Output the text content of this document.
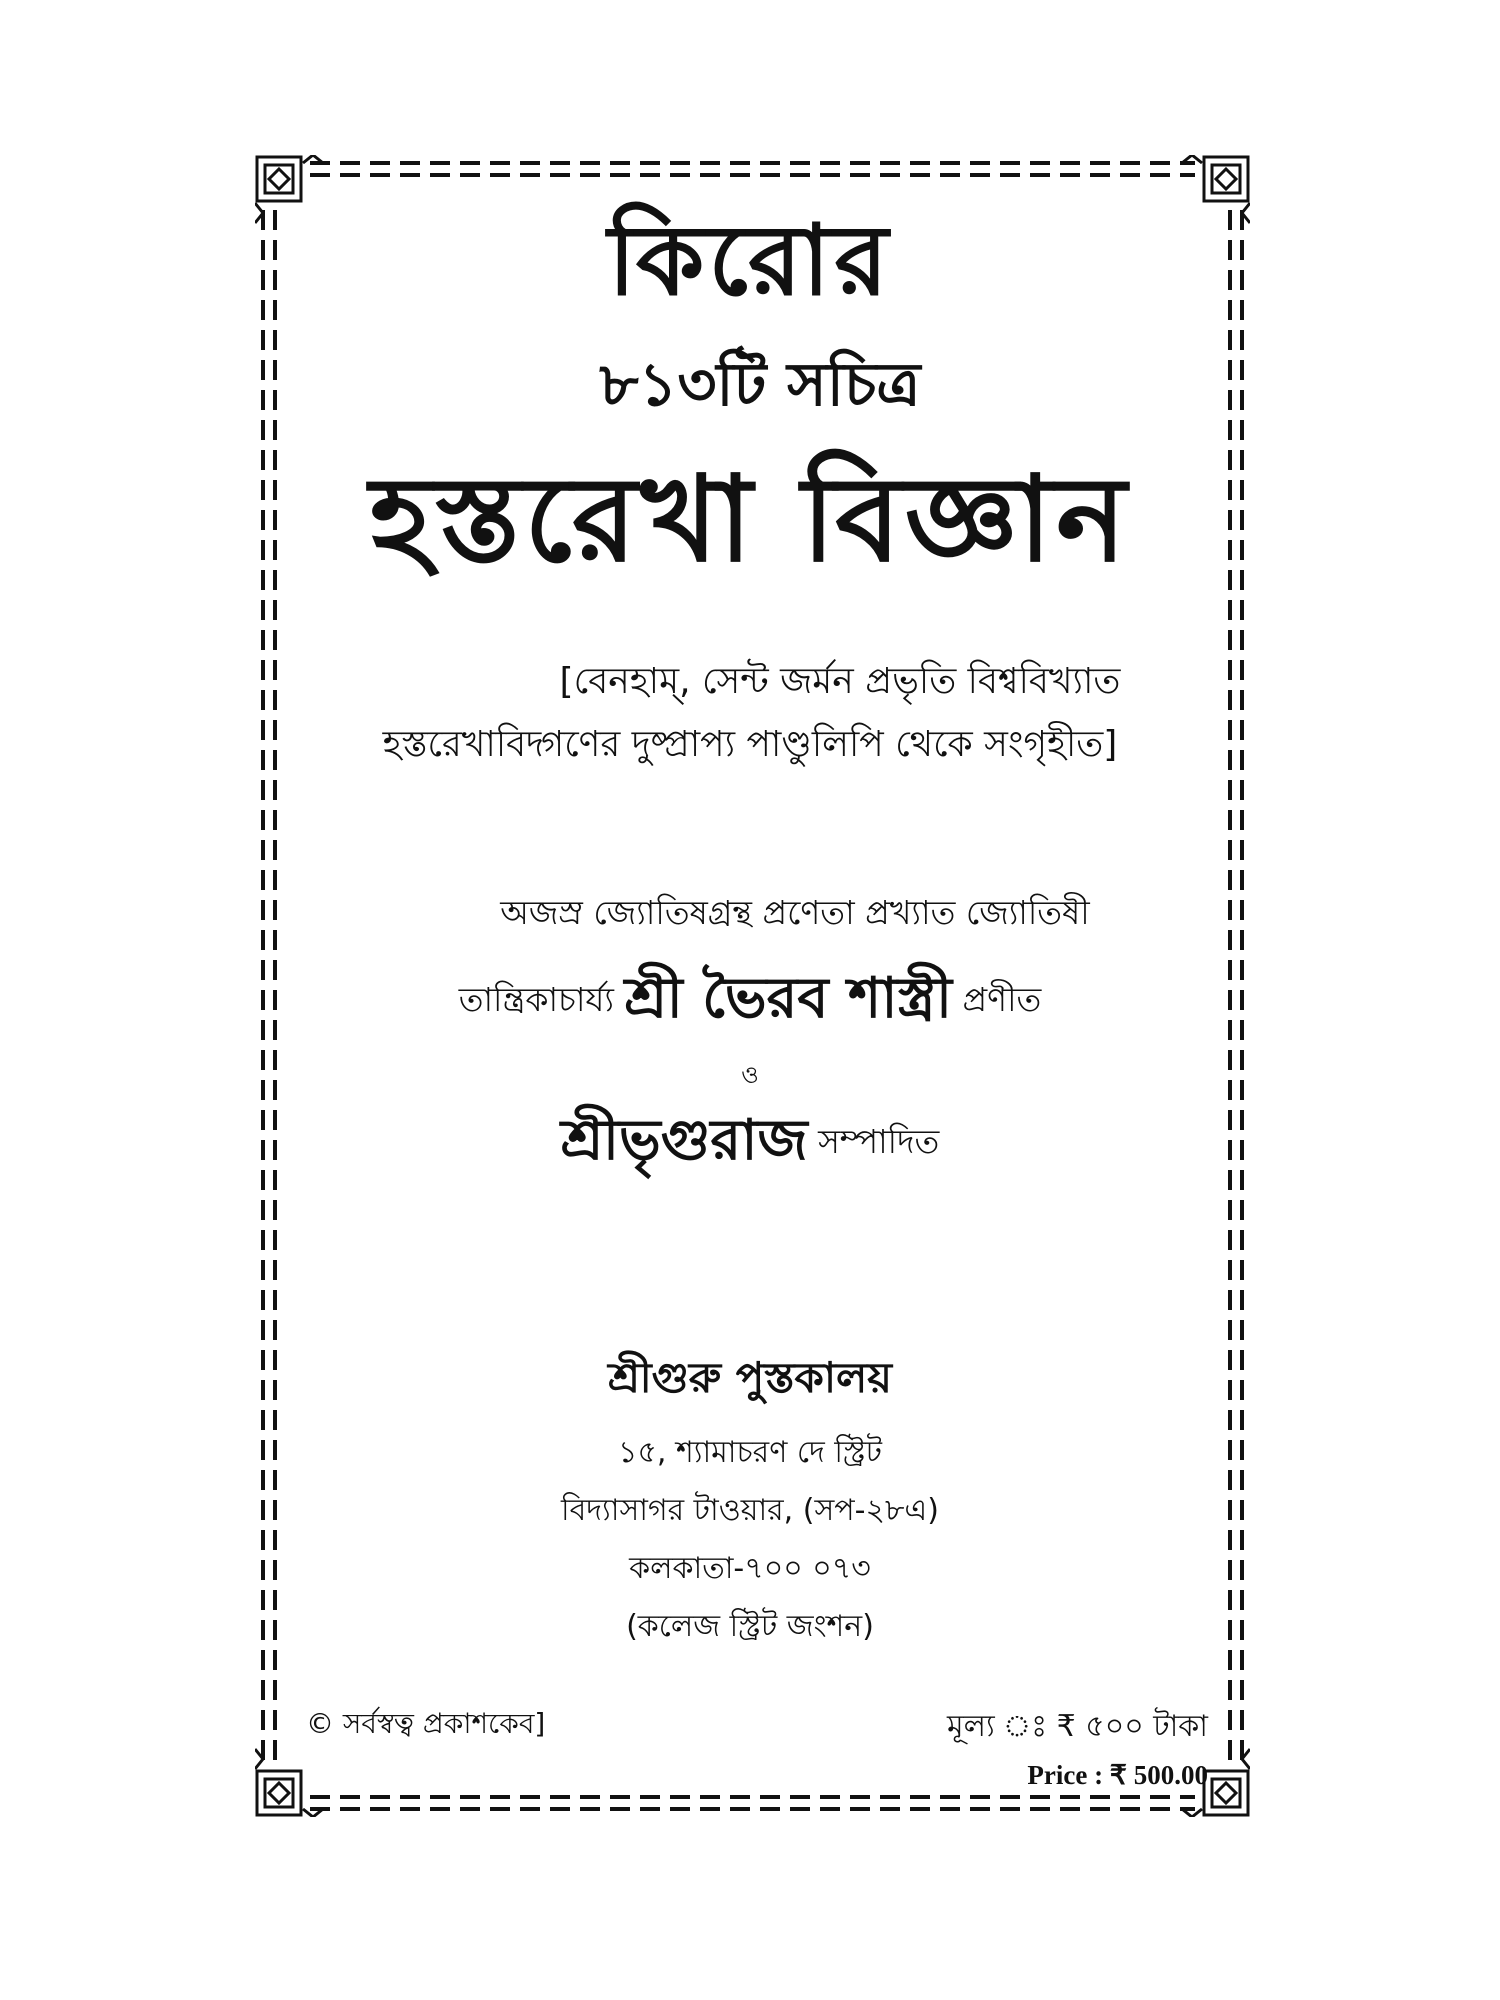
কিরোর
৮১৩টি সচিত্র
হস্তরেখা বিজ্ঞান
[বেনহাম্, সেন্ট জর্মন প্রভৃতি বিশ্ববিখ্যাত
হস্তরেখাবিদ্গণের দুষ্প্রাপ্য পাণ্ডুলিপি থেকে সংগৃহীত]
অজস্র জ্যোতিষগ্রন্থ প্রণেতা প্রখ্যাত জ্যোতিষী
তান্ত্রিকাচার্য্য শ্রী ভৈরব শাস্ত্রী প্রণীত
ও
শ্রীভৃগুরাজ সম্পাদিত
শ্রীগুরু পুস্তকালয়
১৫, শ্যামাচরণ দে স্ট্রিট
বিদ্যাসাগর টাওয়ার, (সপ-২৮এ)
কলকাতা-৭০০ ০৭৩
(কলেজ স্ট্রিট জংশন)
© সর্বস্বত্ব প্রকাশকেব]	মূল্য ঃ ₹ ৫০০ টাকা
Price : ₹ 500.00
